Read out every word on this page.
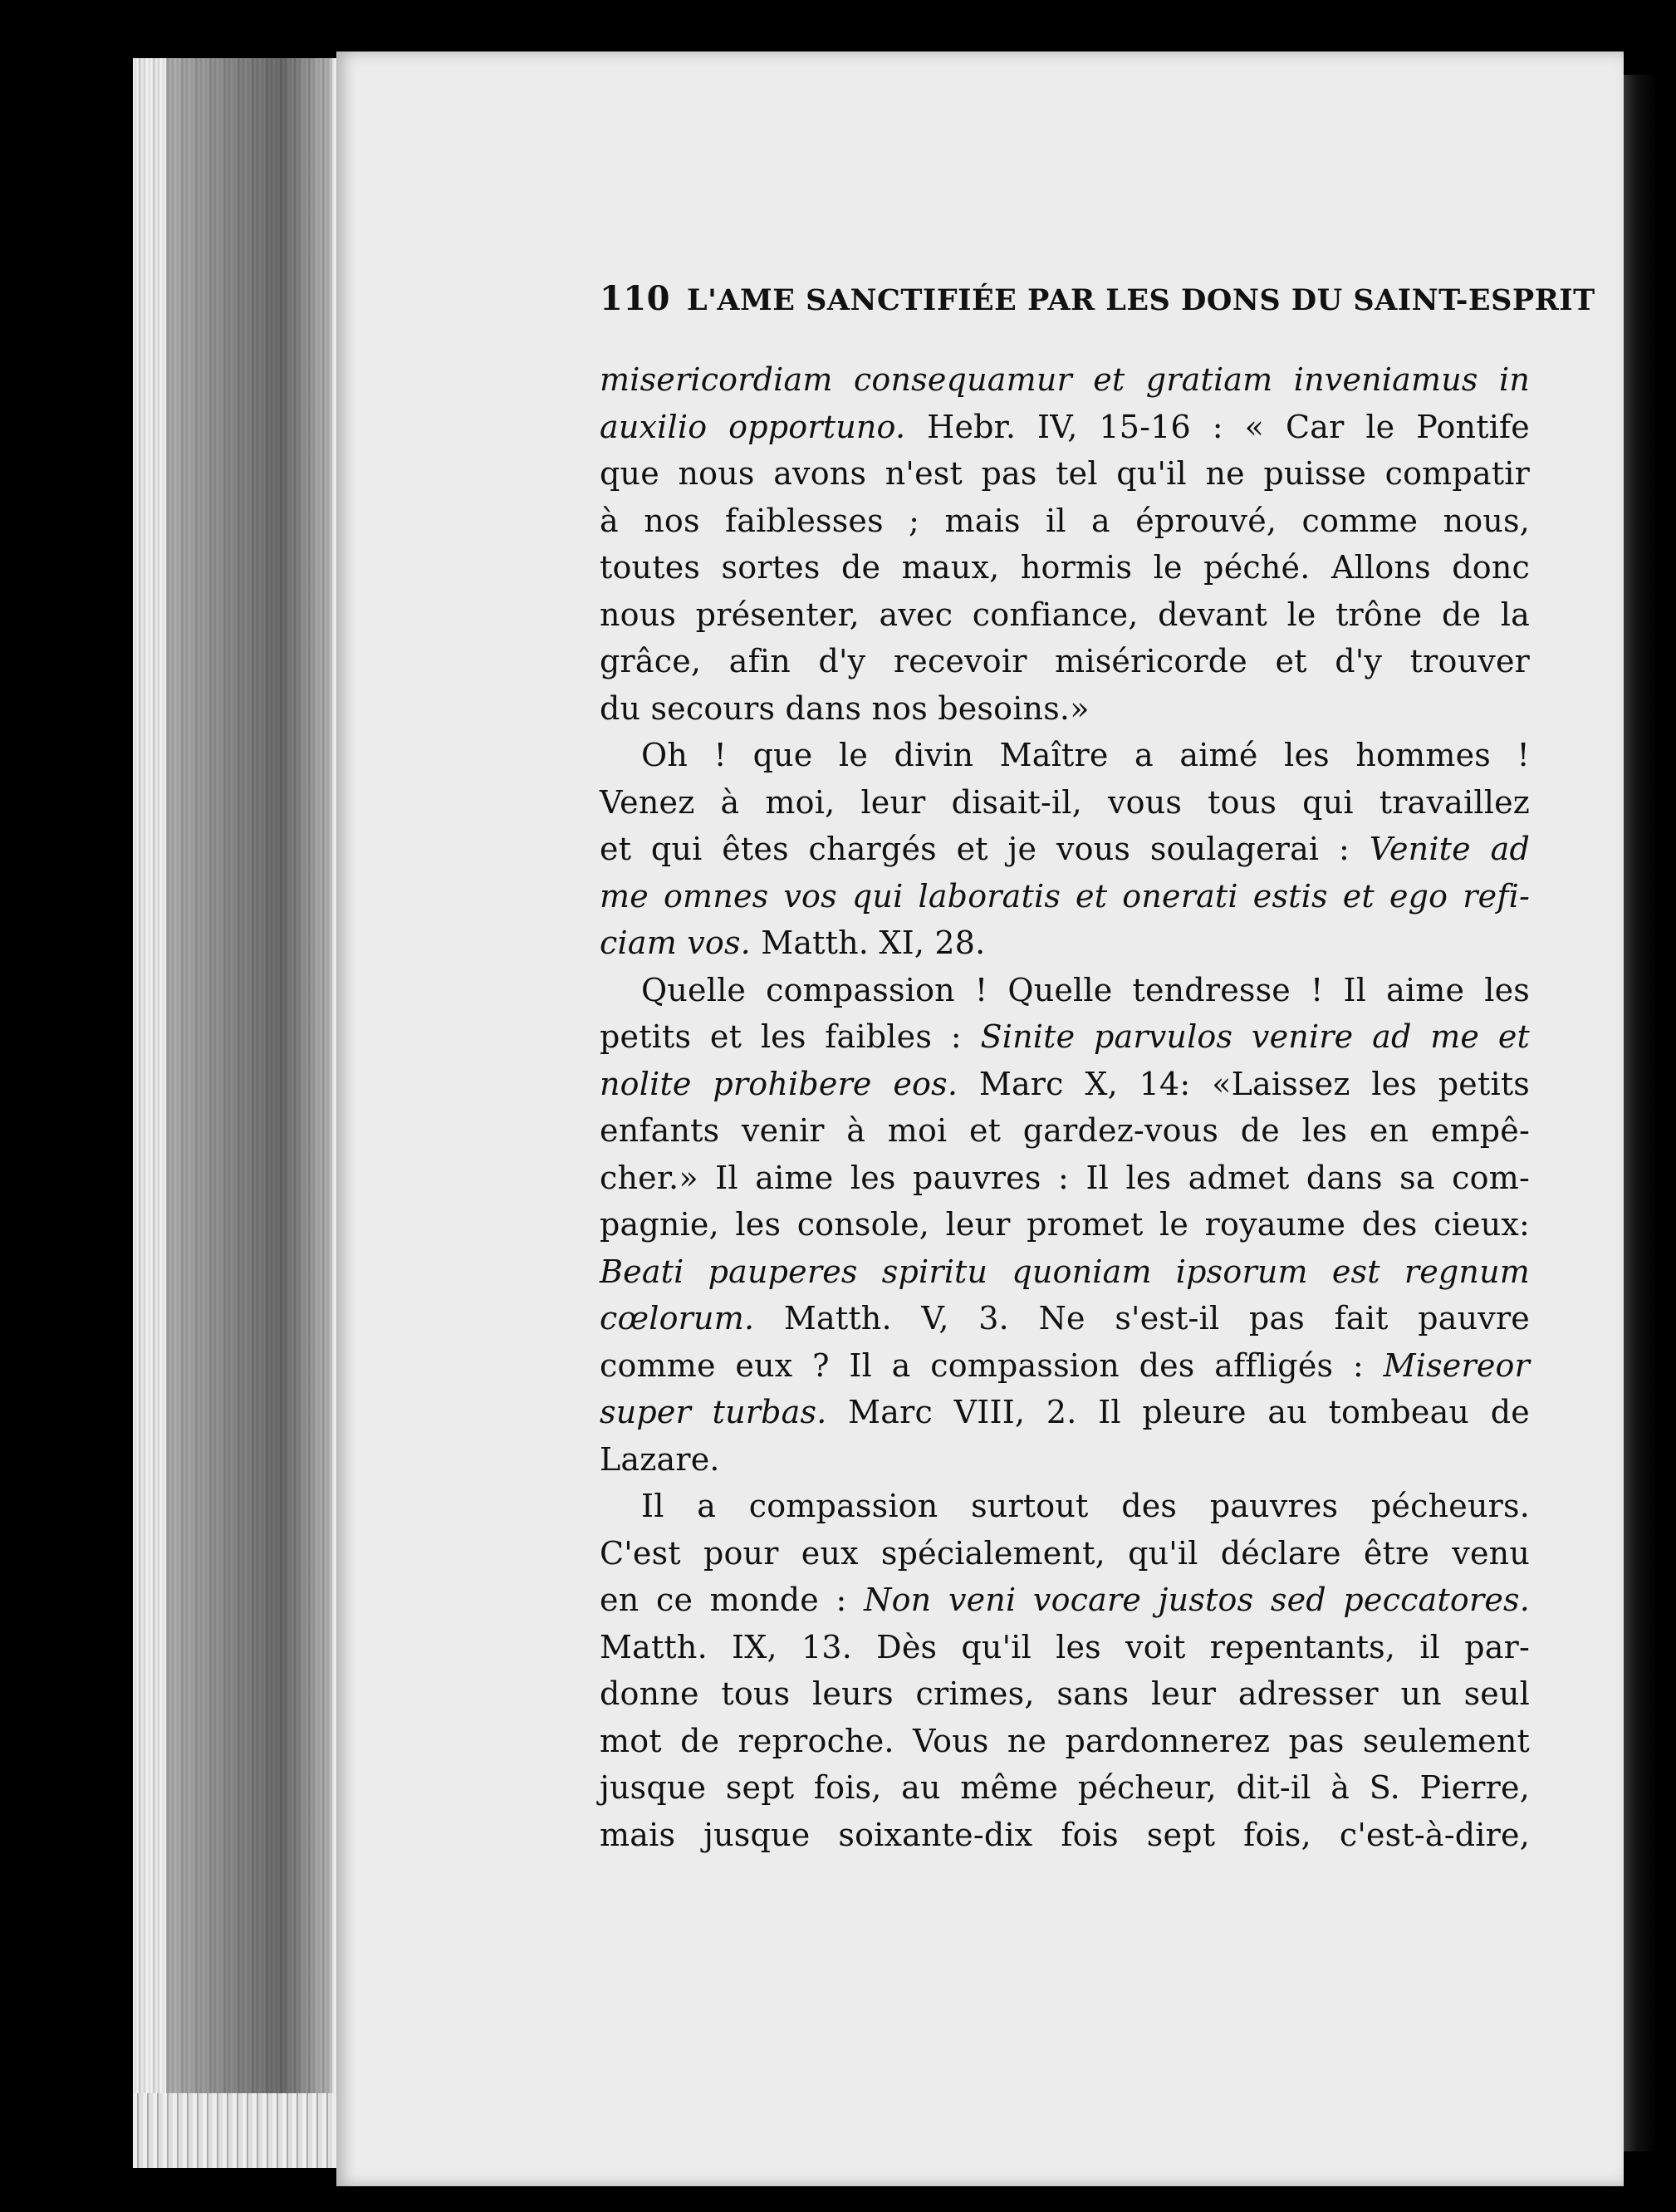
110 L'AME SANCTIFIÉE PAR LES DONS DU SAINT-ESPRIT
misericordiam consequamur et gratiam inveniamus in
auxilio opportuno. Hebr. IV, 15-16 : « Car le Pontife
que nous avons n'est pas tel qu'il ne puisse compatir
à nos faiblesses ; mais il a éprouvé, comme nous,
toutes sortes de maux, hormis le péché. Allons donc
nous présenter, avec confiance, devant le trône de la
grâce, afin d'y recevoir miséricorde et d'y trouver
du secours dans nos besoins.»
Oh ! que le divin Maître a aimé les hommes !
Venez à moi, leur disait-il, vous tous qui travaillez
et qui êtes chargés et je vous soulagerai : Venite ad
me omnes vos qui laboratis et onerati estis et ego refi-
ciam vos. Matth. XI, 28.
Quelle compassion ! Quelle tendresse ! Il aime les
petits et les faibles : Sinite parvulos venire ad me et
nolite prohibere eos. Marc X, 14: «Laissez les petits
enfants venir à moi et gardez-vous de les en empê-
cher.» Il aime les pauvres : Il les admet dans sa com-
pagnie, les console, leur promet le royaume des cieux:
Beati pauperes spiritu quoniam ipsorum est regnum
cœlorum. Matth. V, 3. Ne s'est-il pas fait pauvre
comme eux ? Il a compassion des affligés : Misereor
super turbas. Marc VIII, 2. Il pleure au tombeau de
Lazare.
Il a compassion surtout des pauvres pécheurs.
C'est pour eux spécialement, qu'il déclare être venu
en ce monde : Non veni vocare justos sed peccatores.
Matth. IX, 13. Dès qu'il les voit repentants, il par-
donne tous leurs crimes, sans leur adresser un seul
mot de reproche. Vous ne pardonnerez pas seulement
jusque sept fois, au même pécheur, dit-il à S. Pierre,
mais jusque soixante-dix fois sept fois, c'est-à-dire,
